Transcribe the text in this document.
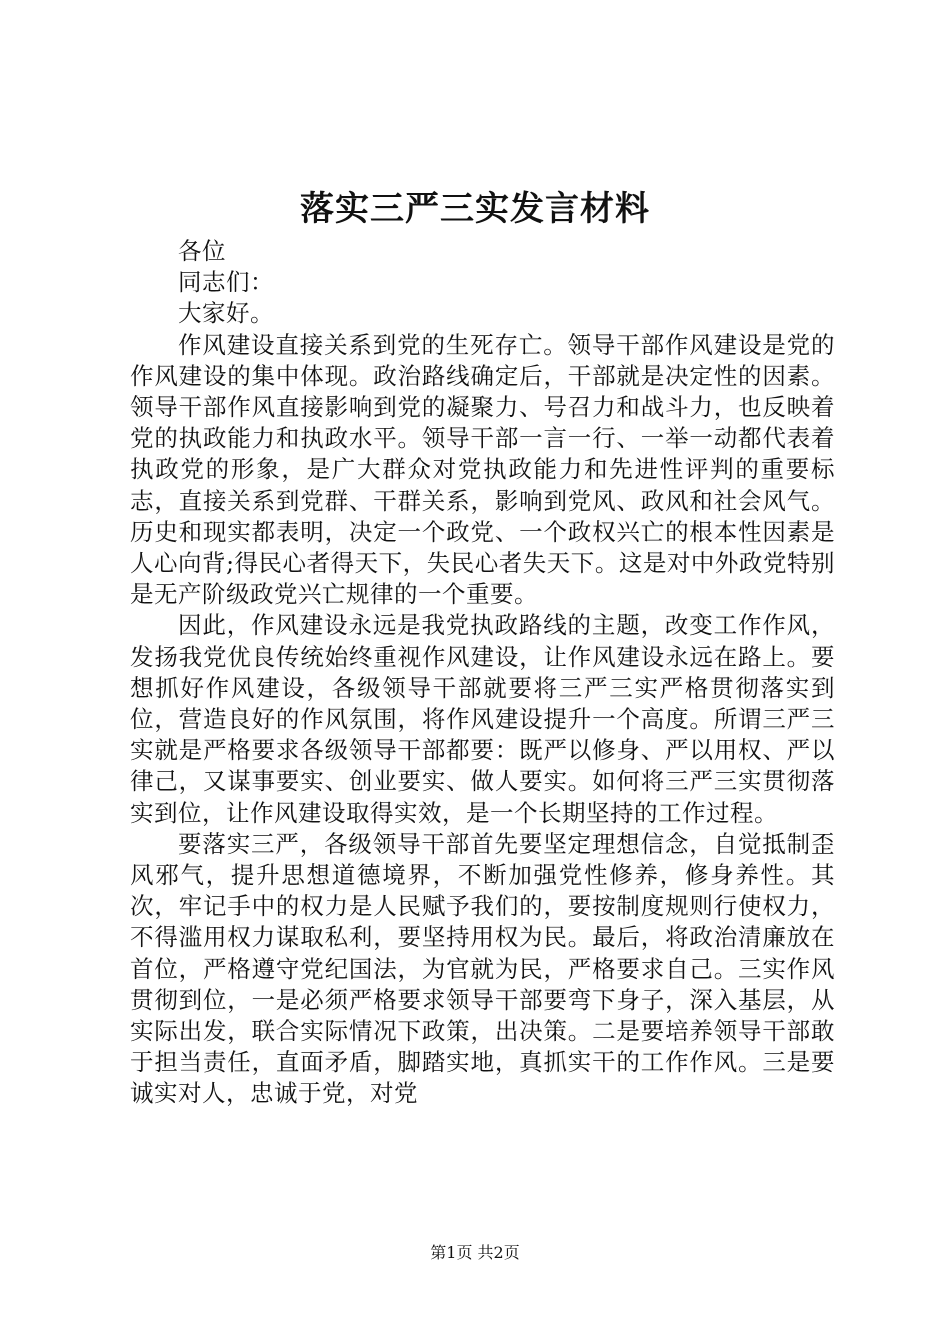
落实三严三实发言材料

各位

同志们：

大家好。

作风建设直接关系到党的生死存亡。领导干部作风建设是党的作风建设的集中体现。政治路线确定后，干部就是决定性的因素。领导干部作风直接影响到党的凝聚力、号召力和战斗力，也反映着党的执政能力和执政水平。领导干部一言一行、一举一动都代表着执政党的形象，是广大群众对党执政能力和先进性评判的重要标志，直接关系到党群、干群关系，影响到党风、政风和社会风气。历史和现实都表明，决定一个政党、一个政权兴亡的根本性因素是人心向背;得民心者得天下，失民心者失天下。这是对中外政党特别是无产阶级政党兴亡规律的一个重要。

因此，作风建设永远是我党执政路线的主题，改变工作作风，发扬我党优良传统始终重视作风建设，让作风建设永远在路上。要想抓好作风建设，各级领导干部就要将三严三实严格贯彻落实到位，营造良好的作风氛围，将作风建设提升一个高度。所谓三严三实就是严格要求各级领导干部都要：既严以修身、严以用权、严以律己，又谋事要实、创业要实、做人要实。如何将三严三实贯彻落实到位，让作风建设取得实效，是一个长期坚持的工作过程。

要落实三严，各级领导干部首先要坚定理想信念，自觉抵制歪风邪气，提升思想道德境界，不断加强党性修养，修身养性。其次，牢记手中的权力是人民赋予我们的，要按制度规则行使权力，不得滥用权力谋取私利，要坚持用权为民。最后，将政治清廉放在首位，严格遵守党纪国法，为官就为民，严格要求自己。三实作风贯彻到位，一是必须严格要求领导干部要弯下身子，深入基层，从实际出发，联合实际情况下政策，出决策。二是要培养领导干部敢于担当责任，直面矛盾，脚踏实地，真抓实干的工作作风。三是要诚实对人，忠诚于党，对党

第1页 共2页
